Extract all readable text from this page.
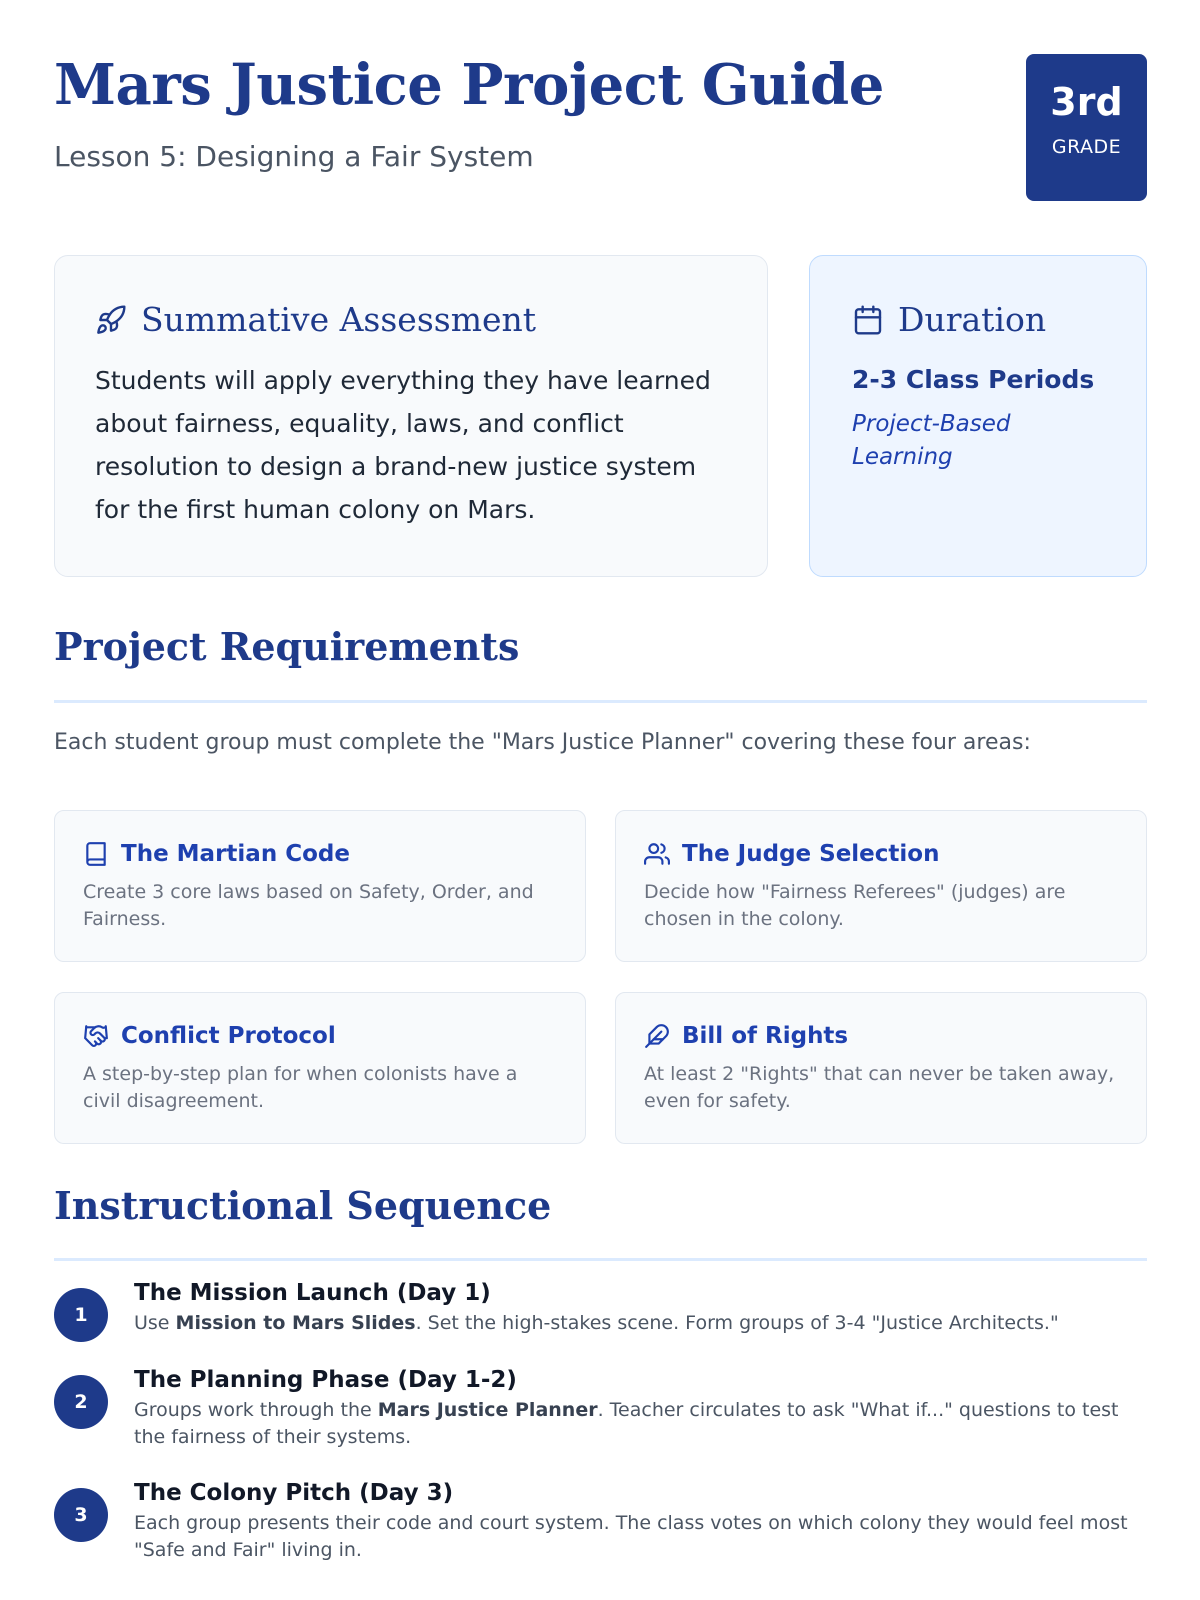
Mars Justice Project Guide
Lesson 5: Designing a Fair System
3rd
GRADE
Summative Assessment

Students will apply everything they have learned about fairness, equality, laws, and conflict resolution to design a brand-new justice system for the first human colony on Mars.

Duration
2-3 Class Periods
Project-Based Learning
Project Requirements

Each student group must complete the "Mars Justice Planner" covering these four areas:

The Martian Code

Create 3 core laws based on Safety, Order, and Fairness.

The Judge Selection

Decide how "Fairness Referees" (judges) are chosen in the colony.

Conflict Protocol

A step-by-step plan for when colonists have a civil disagreement.

Bill of Rights

At least 2 "Rights" that can never be taken away, even for safety.

Instructional Sequence
1
The Mission Launch (Day 1)

Use Mission to Mars Slides. Set the high-stakes scene. Form groups of 3-4 "Justice Architects."

2
The Planning Phase (Day 1-2)

Groups work through the Mars Justice Planner. Teacher circulates to ask "What if..." questions to test the fairness of their systems.

3
The Colony Pitch (Day 3)

Each group presents their code and court system. The class votes on which colony they would feel most "Safe and Fair" living in.
